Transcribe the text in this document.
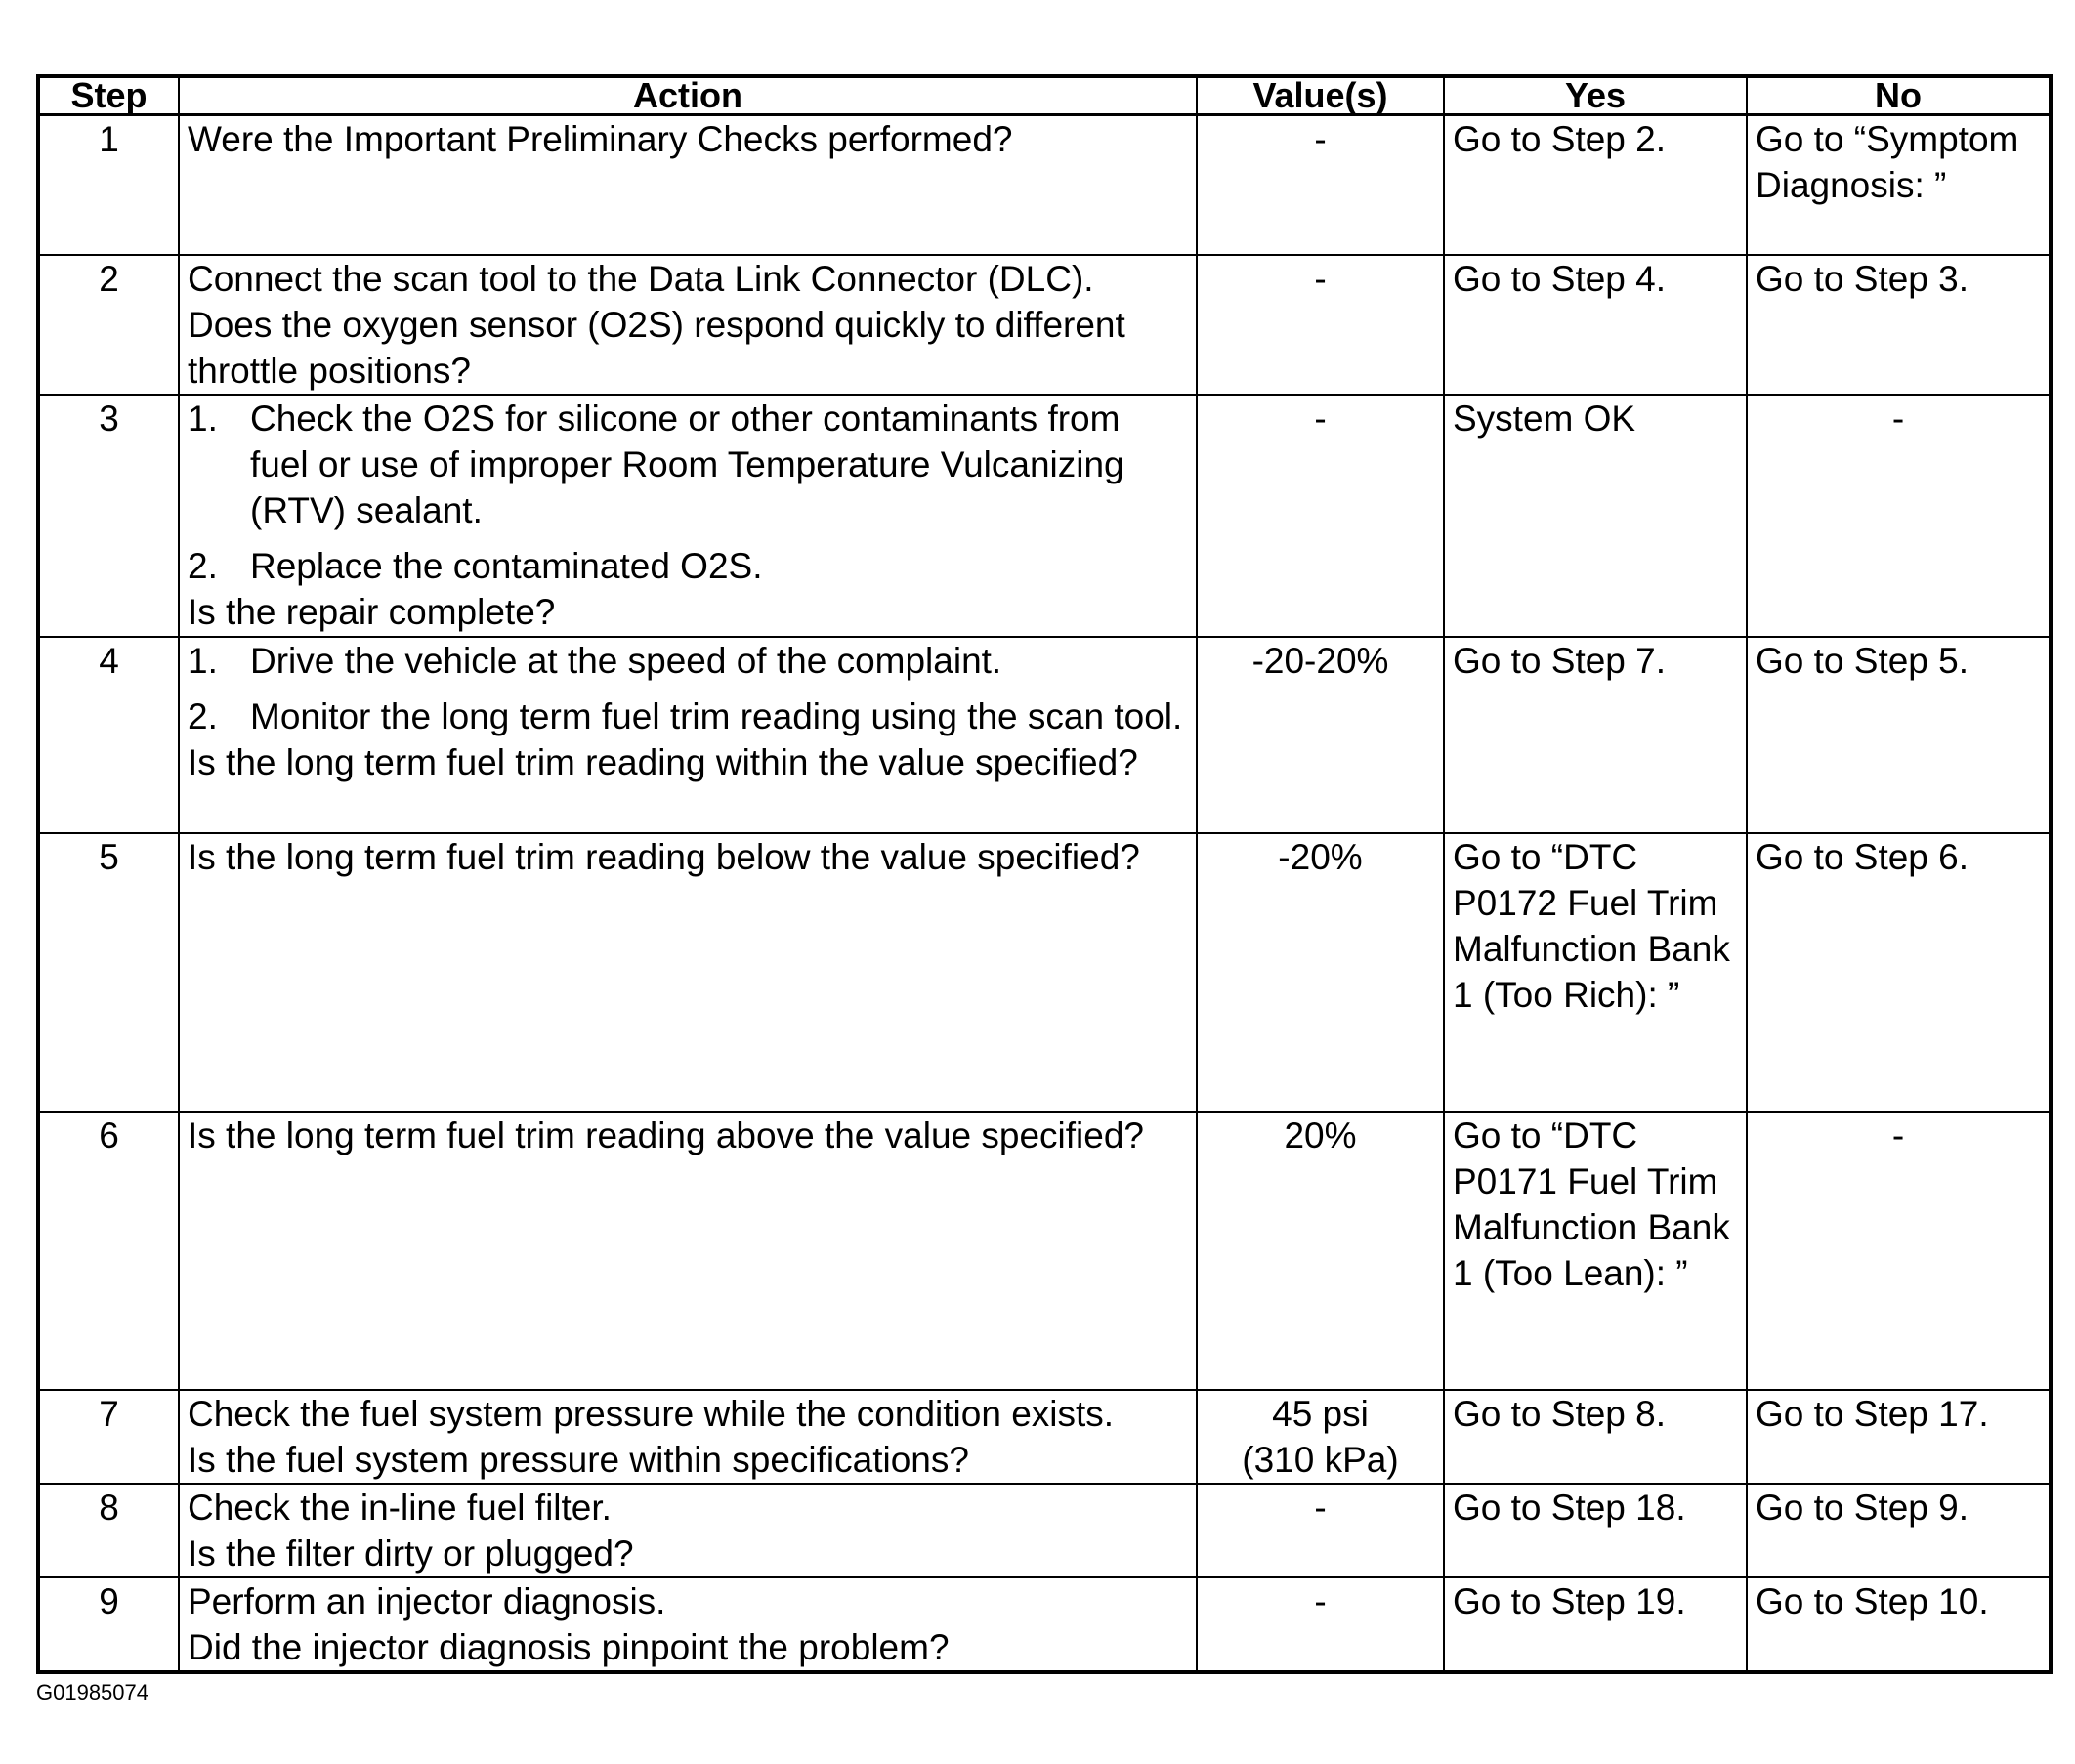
Step	Action	Value(s)	Yes	No
1	Were the Important Preliminary Checks performed?	-	Go to Step 2.	Go to “Symptom Diagnosis: ”
2	Connect the scan tool to the Data Link Connector (DLC).
Does the oxygen sensor (O2S) respond quickly to different throttle positions?	-	Go to Step 4.	Go to Step 3.
3	1. Check the O2S for silicone or other contaminants from fuel or use of improper Room Temperature Vulcanizing (RTV) sealant.
2. Replace the contaminated O2S.
Is the repair complete?	-	System OK	-
4	1. Drive the vehicle at the speed of the complaint.
2. Monitor the long term fuel trim reading using the scan tool.
Is the long term fuel trim reading within the value specified?	-20-20%	Go to Step 7.	Go to Step 5.
5	Is the long term fuel trim reading below the value specified?	-20%	Go to “DTC P0172 Fuel Trim Malfunction Bank 1 (Too Rich): ”	Go to Step 6.
6	Is the long term fuel trim reading above the value specified?	20%	Go to “DTC P0171 Fuel Trim Malfunction Bank 1 (Too Lean): ”	-
7	Check the fuel system pressure while the condition exists.
Is the fuel system pressure within specifications?	45 psi
(310 kPa)	Go to Step 8.	Go to Step 17.
8	Check the in-line fuel filter.
Is the filter dirty or plugged?	-	Go to Step 18.	Go to Step 9.
9	Perform an injector diagnosis.
Did the injector diagnosis pinpoint the problem?	-	Go to Step 19.	Go to Step 10.
G01985074
